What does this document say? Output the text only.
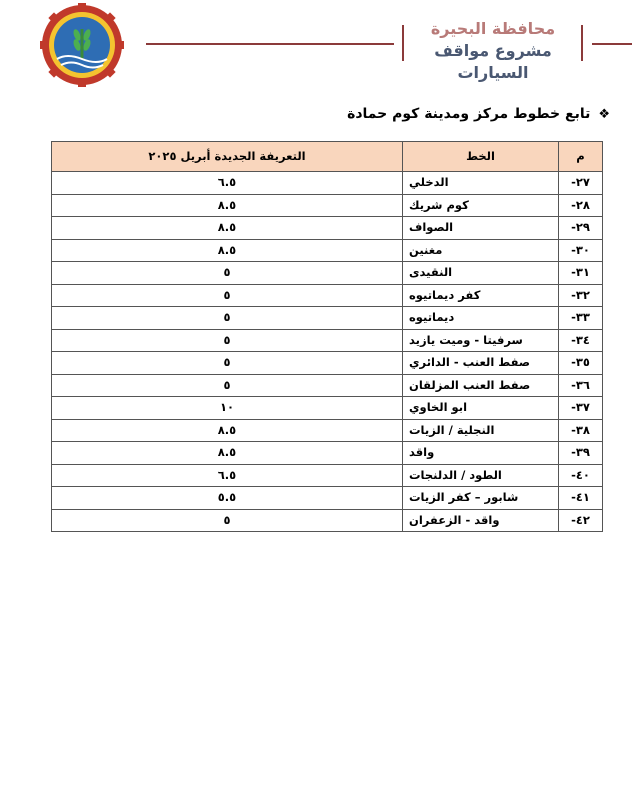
محافظة البحيرة
مشروع مواقف السيارات
❖تابع خطوط مركز ومدينة كوم حمادة
م	الخط	التعريفة الجديدة أبريل ٢٠٢٥
٢٧-	الدخلي	٦.٥
٢٨-	كوم شريك	٨.٥
٢٩-	الصواف	٨.٥
٣٠-	مغنين	٨.٥
٣١-	النقيدى	٥
٣٢-	كفر ديماتيوه	٥
٣٣-	ديماتيوه	٥
٣٤-	سرفيتا - وميت يازيد	٥
٣٥-	صفط العنب - الدائري	٥
٣٦-	صفط العنب المزلقان	٥
٣٧-	ابو الخاوي	١٠
٣٨-	النجلية / الزيات	٨.٥
٣٩-	واقد	٨.٥
٤٠-	الطود / الدلنجات	٦.٥
٤١-	شابور – كفر الزيات	٥.٥
٤٢-	واقد - الزعفران	٥
